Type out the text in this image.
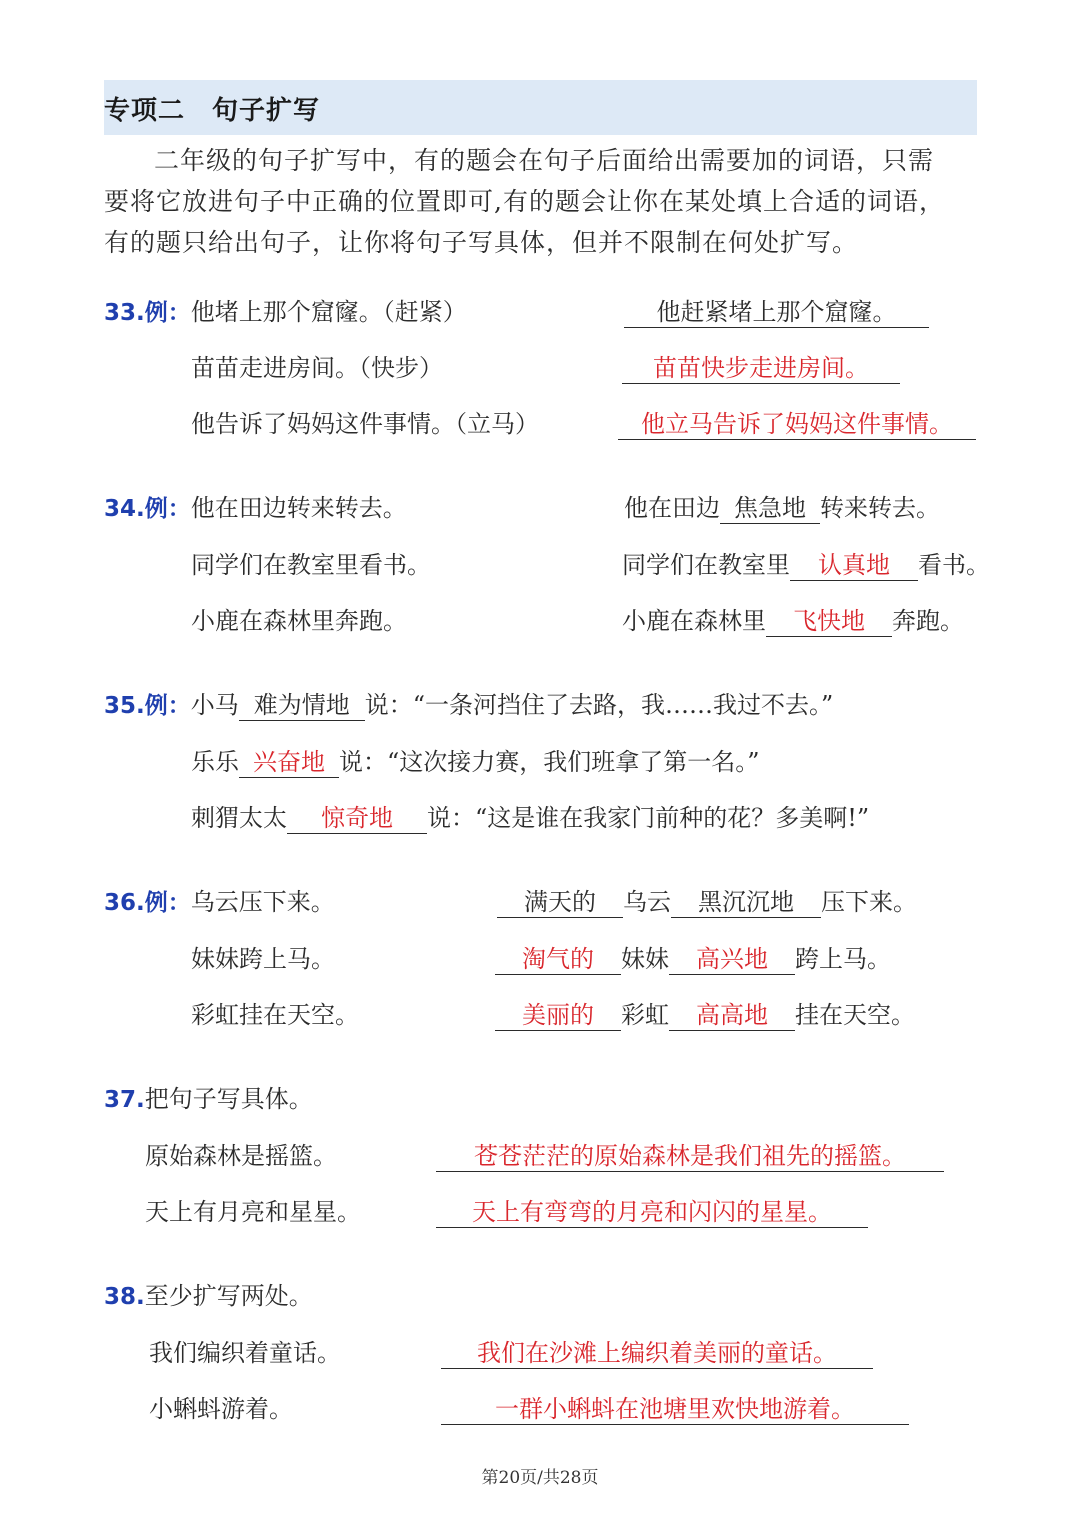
专项二　句子扩写

二年级的句子扩写中，有的题会在句子后面给出需要加的词语，只需

要将它放进句子中正确的位置即可,有的题会让你在某处填上合适的词语，

有的题只给出句子，让你将句子写具体，但并不限制在何处扩写。

33.例：他堵上那个窟窿。（赶紧）	他赶紧堵上那个窟窿。
苗苗走进房间。（快步）	苗苗快步走进房间。
他告诉了妈妈这件事情。（立马）	他立马告诉了妈妈这件事情。
34.例：他在田边转来转去。	他在田边 焦急地 转来转去。
同学们在教室里看书。	同学们在教室里 认真地 看书。
小鹿在森林里奔跑。	小鹿在森林里 飞快地 奔跑。
35.例：小马 难为情地 说：“一条河挡住了去路，我……我过不去。”
乐乐 兴奋地 说：“这次接力赛，我们班拿了第一名。”
刺猬太太 惊奇地 说：“这是谁在我家门前种的花？多美啊!”
36.例：乌云压下来。	满天的 乌云 黑沉沉地 压下来。
妹妹跨上马。	淘气的 妹妹 高兴地 跨上马。
彩虹挂在天空。	美丽的 彩虹 高高地 挂在天空。
37.把句子写具体。
原始森林是摇篮。	苍苍茫茫的原始森林是我们祖先的摇篮。
天上有月亮和星星。	天上有弯弯的月亮和闪闪的星星。
38.至少扩写两处。
我们编织着童话。	我们在沙滩上编织着美丽的童话。
小蝌蚪游着。	一群小蝌蚪在池塘里欢快地游着。
第20页/共28页
